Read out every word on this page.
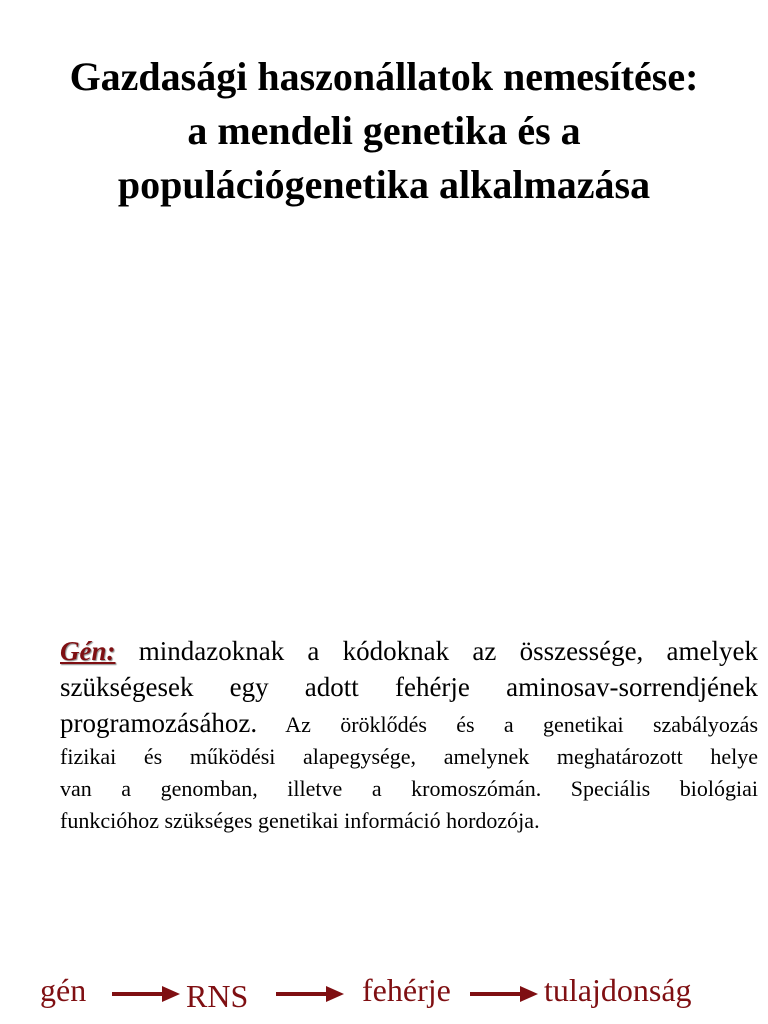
Gazdasági haszonállatok nemesítése:
a mendeli genetika és a
populációgenetika alkalmazása
Gén: mindazoknak a kódoknak az összessége, amelyek
szükségesek egy adott fehérje aminosav-sorrendjének
programozásához. Az öröklődés és a genetikai szabályozás
fizikai és működési alapegysége, amelynek meghatározott helye
van a genomban, illetve a kromoszómán. Speciális biológiai
funkcióhoz szükséges genetikai információ hordozója.
gén	RNS	fehérje	tulajdonság
